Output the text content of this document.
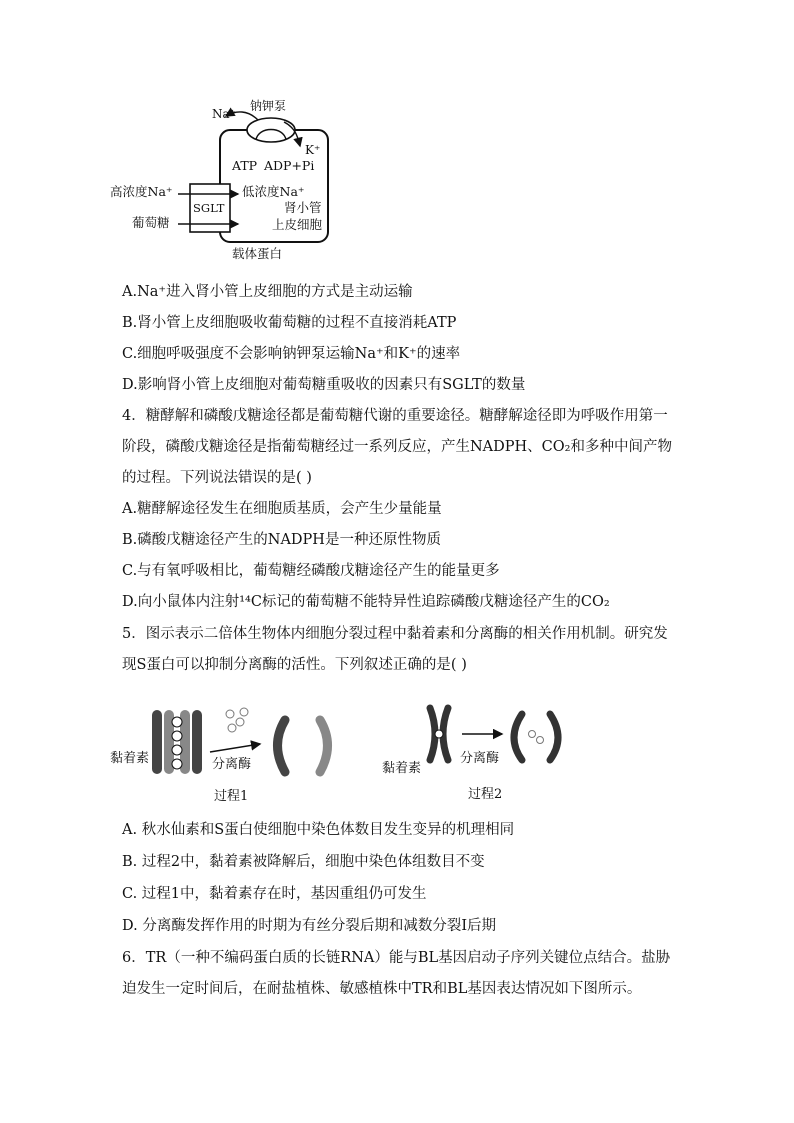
Na⁺
钠钾泵
K⁺
ATP ADP+Pi
高浓度Na⁺
葡萄糖
SGLT
低浓度Na⁺
肾小管
上皮细胞
载体蛋白
A.Na⁺进入肾小管上皮细胞的方式是主动运输
B.肾小管上皮细胞吸收葡萄糖的过程不直接消耗ATP
C.细胞呼吸强度不会影响钠钾泵运输Na⁺和K⁺的速率
D.影响肾小管上皮细胞对葡萄糖重吸收的因素只有SGLT的数量
4．糖酵解和磷酸戊糖途径都是葡萄糖代谢的重要途径。糖酵解途径即为呼吸作用第一
阶段，磷酸戊糖途径是指葡萄糖经过一系列反应，产生NADPH、CO₂和多种中间产物
的过程。下列说法错误的是( )
A.糖酵解途径发生在细胞质基质，会产生少量能量
B.磷酸戊糖途径产生的NADPH是一种还原性物质
C.与有氧呼吸相比，葡萄糖经磷酸戊糖途径产生的能量更多
D.向小鼠体内注射¹⁴C标记的葡萄糖不能特异性追踪磷酸戊糖途径产生的CO₂
5．图示表示二倍体生物体内细胞分裂过程中黏着素和分离酶的相关作用机制。研究发
现S蛋白可以抑制分离酶的活性。下列叙述正确的是( )
黏着素	分离酶
过程1
黏着素
分离酶
过程2
A. 秋水仙素和S蛋白使细胞中染色体数目发生变异的机理相同
B. 过程2中，黏着素被降解后，细胞中染色体组数目不变
C. 过程1中，黏着素存在时，基因重组仍可发生
D. 分离酶发挥作用的时期为有丝分裂后期和减数分裂I后期
6．TR（一种不编码蛋白质的长链RNA）能与BL基因启动子序列关键位点结合。盐胁
迫发生一定时间后，在耐盐植株、敏感植株中TR和BL基因表达情况如下图所示。
